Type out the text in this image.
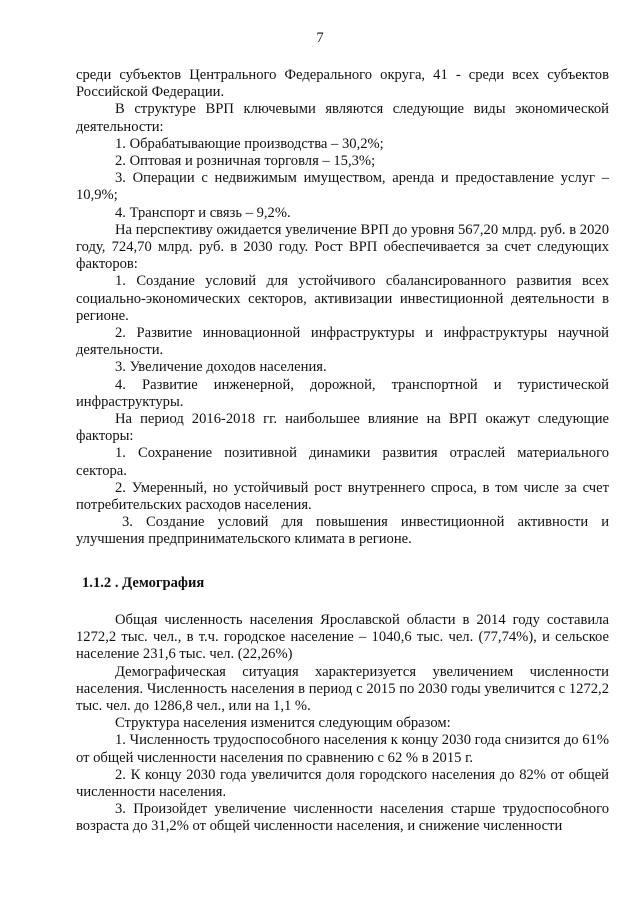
7

среди субъектов Центрального Федерального округа, 41 - среди всех субъектов Российской Федерации.

В структуре ВРП ключевыми являются следующие виды экономической деятельности:

1. Обрабатывающие производства – 30,2%;

2. Оптовая и розничная торговля – 15,3%;

3. Операции с недвижимым имуществом, аренда и предоставление услуг – 10,9%;

4. Транспорт и связь – 9,2%.

На перспективу ожидается увеличение ВРП до уровня 567,20 млрд. руб. в 2020 году, 724,70 млрд. руб. в 2030 году. Рост ВРП обеспечивается за счет следующих факторов:

1. Создание условий для устойчивого сбалансированного развития всех социально-экономических секторов, активизации инвестиционной деятельности в регионе.

2. Развитие инновационной инфраструктуры и инфраструктуры научной деятельности.

3. Увеличение доходов населения.

4. Развитие инженерной, дорожной, транспортной и туристической инфраструктуры.

На период 2016-2018 гг. наибольшее влияние на ВРП окажут следующие факторы:

1. Сохранение позитивной динамики развития отраслей материального сектора.

2. Умеренный, но устойчивый рост внутреннего спроса, в том числе за счет потребительских расходов населения.

3. Создание условий для повышения инвестиционной активности и улучшения предпринимательского климата в регионе.

1.1.2 . Демография

Общая численность населения Ярославской области в 2014 году составила 1272,2 тыс. чел., в т.ч. городское население – 1040,6 тыс. чел. (77,74%), и сельское население 231,6 тыс. чел. (22,26%)

Демографическая ситуация характеризуется увеличением численности населения. Численность населения в период с 2015 по 2030 годы увеличится с 1272,2 тыс. чел. до 1286,8 чел., или на 1,1 %.

Структура населения изменится следующим образом:

1. Численность трудоспособного населения к концу 2030 года снизится до 61% от общей численности населения по сравнению с 62 % в 2015 г.

2. К концу 2030 года увеличится доля городского населения до 82% от общей численности населения.

3. Произойдет увеличение численности населения старше трудоспособного возраста до 31,2% от общей численности населения, и снижение численности
